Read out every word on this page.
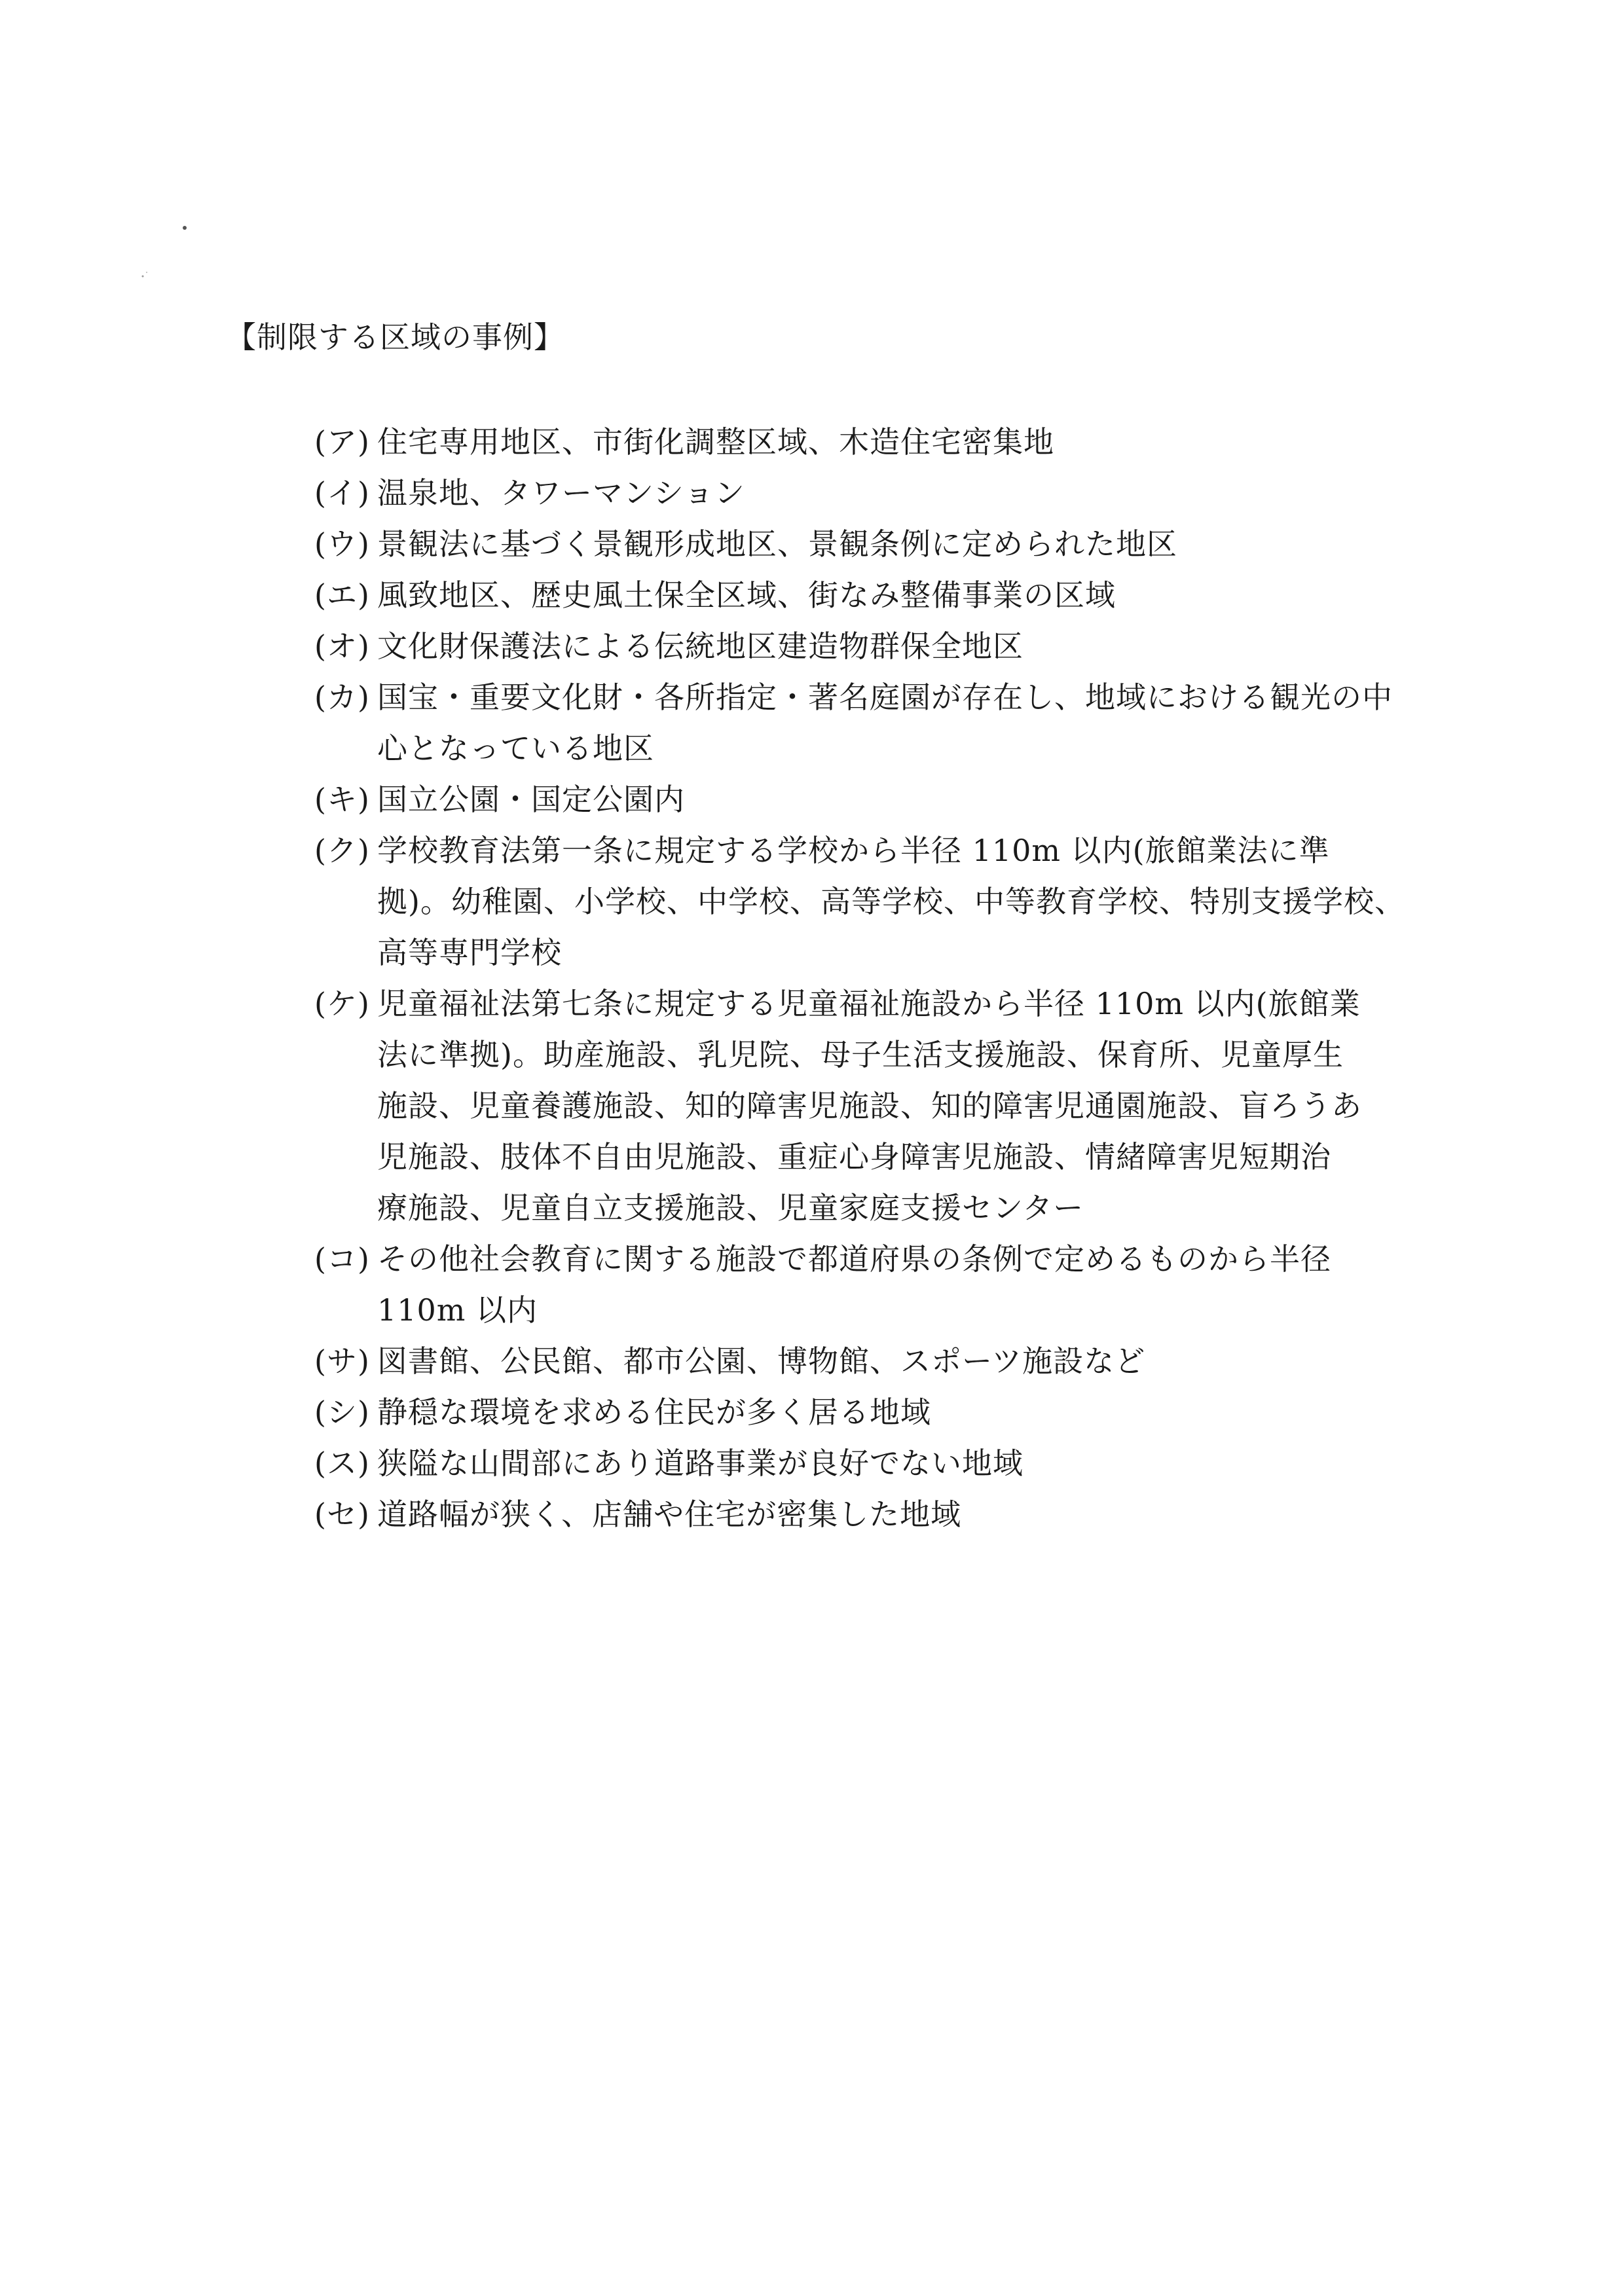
【制限する区域の事例】
(ア) 住宅専用地区、市街化調整区域、木造住宅密集地
(イ) 温泉地、タワーマンション
(ウ) 景観法に基づく景観形成地区、景観条例に定められた地区
(エ) 風致地区、歴史風土保全区域、街なみ整備事業の区域
(オ) 文化財保護法による伝統地区建造物群保全地区
(カ) 国宝・重要文化財・各所指定・著名庭園が存在し、地域における観光の中
心となっている地区
(キ) 国立公園・国定公園内
(ク) 学校教育法第一条に規定する学校から半径 110m 以内(旅館業法に準
拠)。幼稚園、小学校、中学校、高等学校、中等教育学校、特別支援学校、
高等専門学校
(ケ) 児童福祉法第七条に規定する児童福祉施設から半径 110m 以内(旅館業
法に準拠)。助産施設、乳児院、母子生活支援施設、保育所、児童厚生
施設、児童養護施設、知的障害児施設、知的障害児通園施設、盲ろうあ
児施設、肢体不自由児施設、重症心身障害児施設、情緒障害児短期治
療施設、児童自立支援施設、児童家庭支援センター
(コ) その他社会教育に関する施設で都道府県の条例で定めるものから半径
110m 以内
(サ) 図書館、公民館、都市公園、博物館、スポーツ施設など
(シ) 静穏な環境を求める住民が多く居る地域
(ス) 狭隘な山間部にあり道路事業が良好でない地域
(セ) 道路幅が狭く、店舗や住宅が密集した地域
